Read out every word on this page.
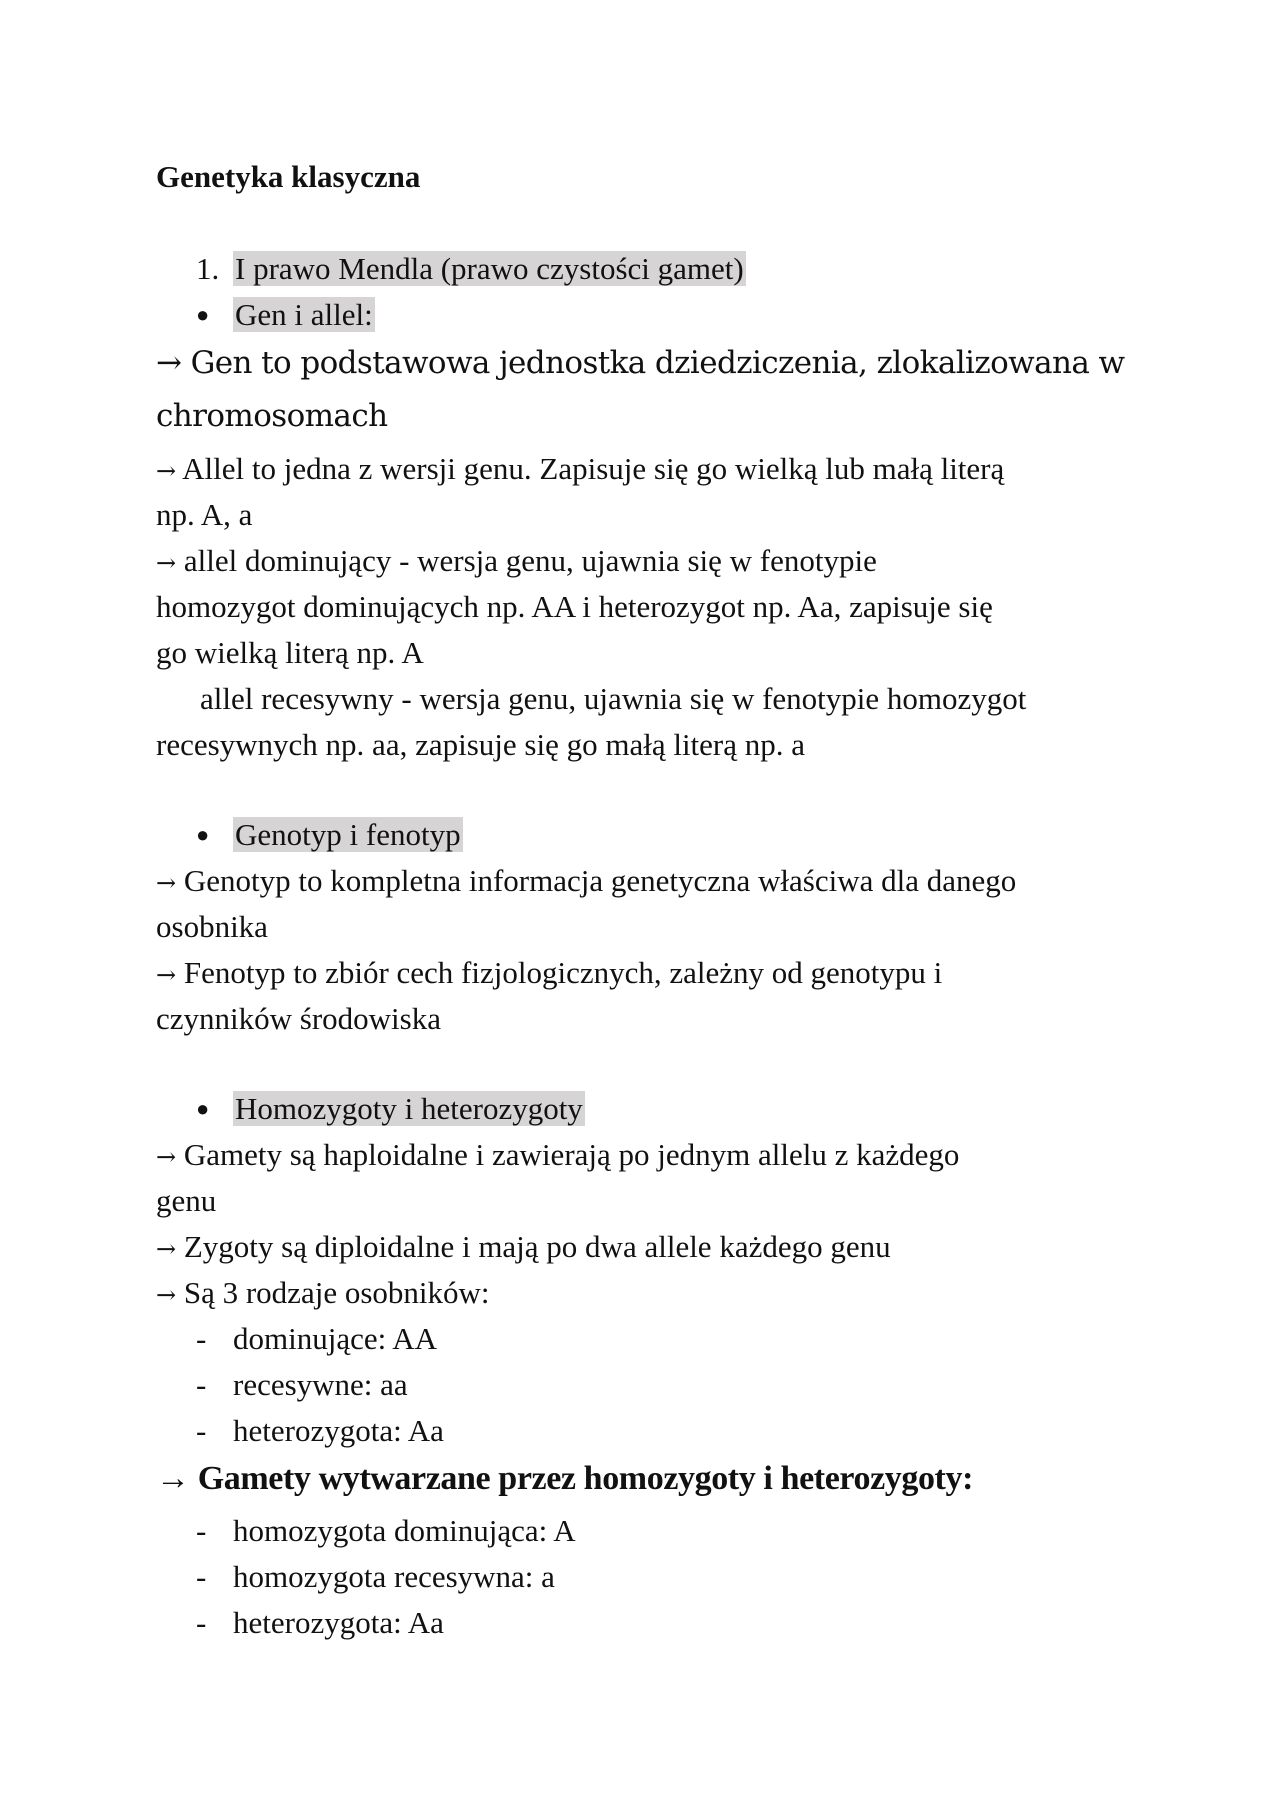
Genetyka klasyczna
1. I prawo Mendla (prawo czystości gamet)
● Gen i allel:
→ Gen to podstawowa jednostka dziedziczenia, zlokalizowana w
chromosomach
→ Allel to jedna z wersji genu. Zapisuje się go wielką lub małą literą
np. A, a
→ allel dominujący - wersja genu, ujawnia się w fenotypie
homozygot dominujących np. AA i heterozygot np. Aa, zapisuje się
go wielką literą np. A
allel recesywny - wersja genu, ujawnia się w fenotypie homozygot
recesywnych np. aa, zapisuje się go małą literą np. a
● Genotyp i fenotyp
→ Genotyp to kompletna informacja genetyczna właściwa dla danego
osobnika
→ Fenotyp to zbiór cech fizjologicznych, zależny od genotypu i
czynników środowiska
● Homozygoty i heterozygoty
→ Gamety są haploidalne i zawierają po jednym allelu z każdego
genu
→ Zygoty są diploidalne i mają po dwa allele każdego genu
→ Są 3 rodzaje osobników:
- dominujące: AA
- recesywne: aa
- heterozygota: Aa
→ Gamety wytwarzane przez homozygoty i heterozygoty:
- homozygota dominująca: A
- homozygota recesywna: a
- heterozygota: Aa
